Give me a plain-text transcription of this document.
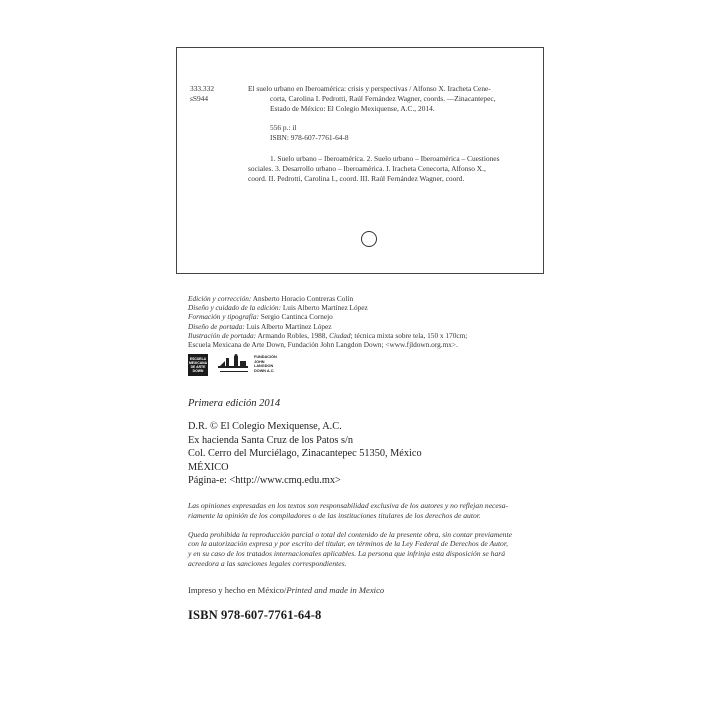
333.332
sS944

El suelo urbano en Iberoamérica: crisis y perspectivas / Alfonso X. Iracheta Cene-

corta, Carolina I. Pedrotti, Raúl Fernández Wagner, coords. —Zinacantepec,

Estado de México: El Colegio Mexiquense, A.C., 2014.

556 p.: il

ISBN: 978-607-7761-64-8

1. Suelo urbano – Iberoamérica. 2. Suelo urbano – Iberoamérica – Cuestiones

sociales. 3. Desarrollo urbano – Iberoamérica. I. Iracheta Cenecorta, Alfonso X.,

coord. II. Pedrotti, Carolina I., coord. III. Raúl Fernández Wagner, coord.

Edición y corrección: Ansberto Horacio Contreras Colín

Diseño y cuidado de la edición: Luis Alberto Martínez López

Formación y tipografía: Sergio Cantinca Cornejo

Diseño de portada: Luis Alberto Martínez López

Ilustración de portada: Armando Robles, 1988, Ciudad; técnica mixta sobre tela, 150 x 170cm;

Escuela Mexicana de Arte Down, Fundación John Langdon Down; <www.fjldown.org.mx>.

ESCUELA
MEXICANA
DE ARTE
DOWN
FUNDACIÓN
JOHN
LANGDON
DOWN A.C.
Primera edición 2014

D.R. © El Colegio Mexiquense, A.C.

Ex hacienda Santa Cruz de los Patos s/n

Col. Cerro del Murciélago, Zinacantepec 51350, México

MÉXICO

Página-e: <http://www.cmq.edu.mx>

Las opiniones expresadas en los textos son responsabilidad exclusiva de los autores y no reflejan necesa-

riamente la opinión de los compiladores o de las instituciones titulares de los derechos de autor.

Queda prohibida la reproducción parcial o total del contenido de la presente obra, sin contar previamente

con la autorización expresa y por escrito del titular, en términos de la Ley Federal de Derechos de Autor,

y en su caso de los tratados internacionales aplicables. La persona que infrinja esta disposición se hará

acreedora a las sanciones legales correspondientes.

Impreso y hecho en México/Printed and made in Mexico
ISBN 978-607-7761-64-8
